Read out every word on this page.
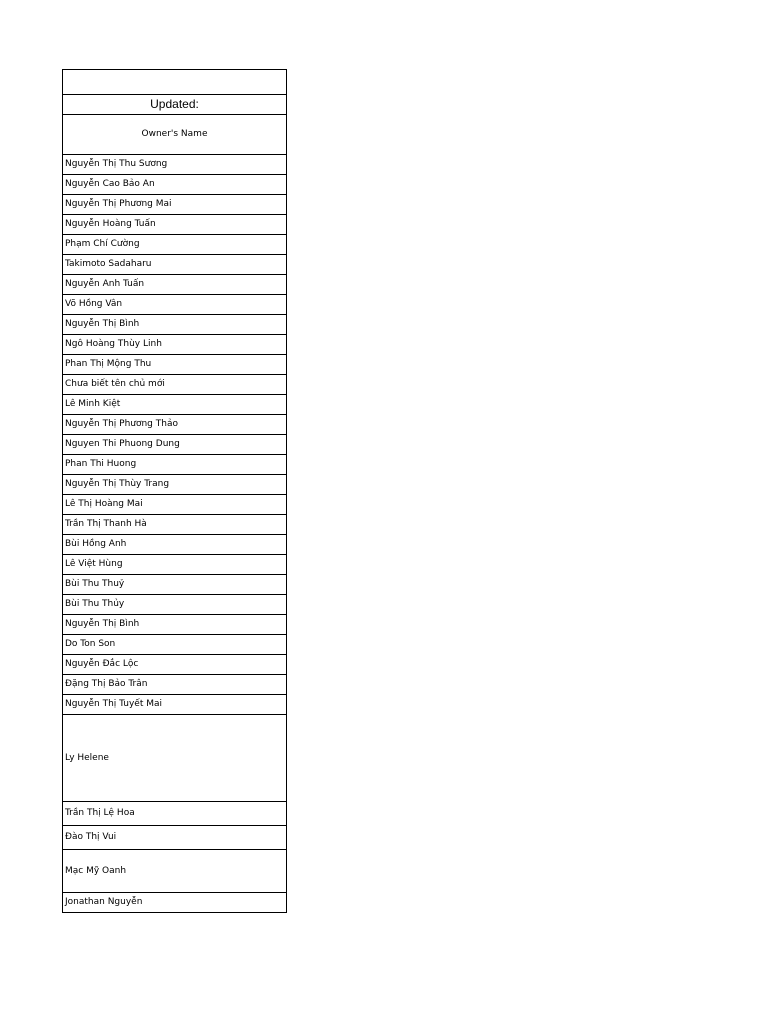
Updated:
Owner's Name
Nguyễn Thị Thu Sương
Nguyễn Cao Bảo An
Nguyễn Thị Phương Mai
Nguyễn Hoàng Tuấn
Phạm Chí Cường
Takimoto Sadaharu
Nguyễn Anh Tuấn
Võ Hồng Vân
Nguyễn Thị Bình
Ngô Hoàng Thùy Linh
Phan Thị Mộng Thu
Chưa biết tên chủ mới
Lê Minh Kiệt
Nguyễn Thị Phương Thảo
Nguyen Thi Phuong Dung
Phan Thi Huong
Nguyễn Thị Thùy Trang
Lê Thị Hoàng Mai
Trần Thị Thanh Hà
Bùi Hồng Anh
Lê Việt Hùng
Bùi Thu Thuỷ
Bùi Thu Thủy
Nguyễn Thị Bình
Do Ton Son
Nguyễn Đắc Lộc
Đặng Thị Bảo Trân
Nguyễn Thị Tuyết Mai
Ly Helene
Trần Thị Lệ Hoa
Đào Thị Vui
Mạc Mỹ Oanh
Jonathan Nguyễn
